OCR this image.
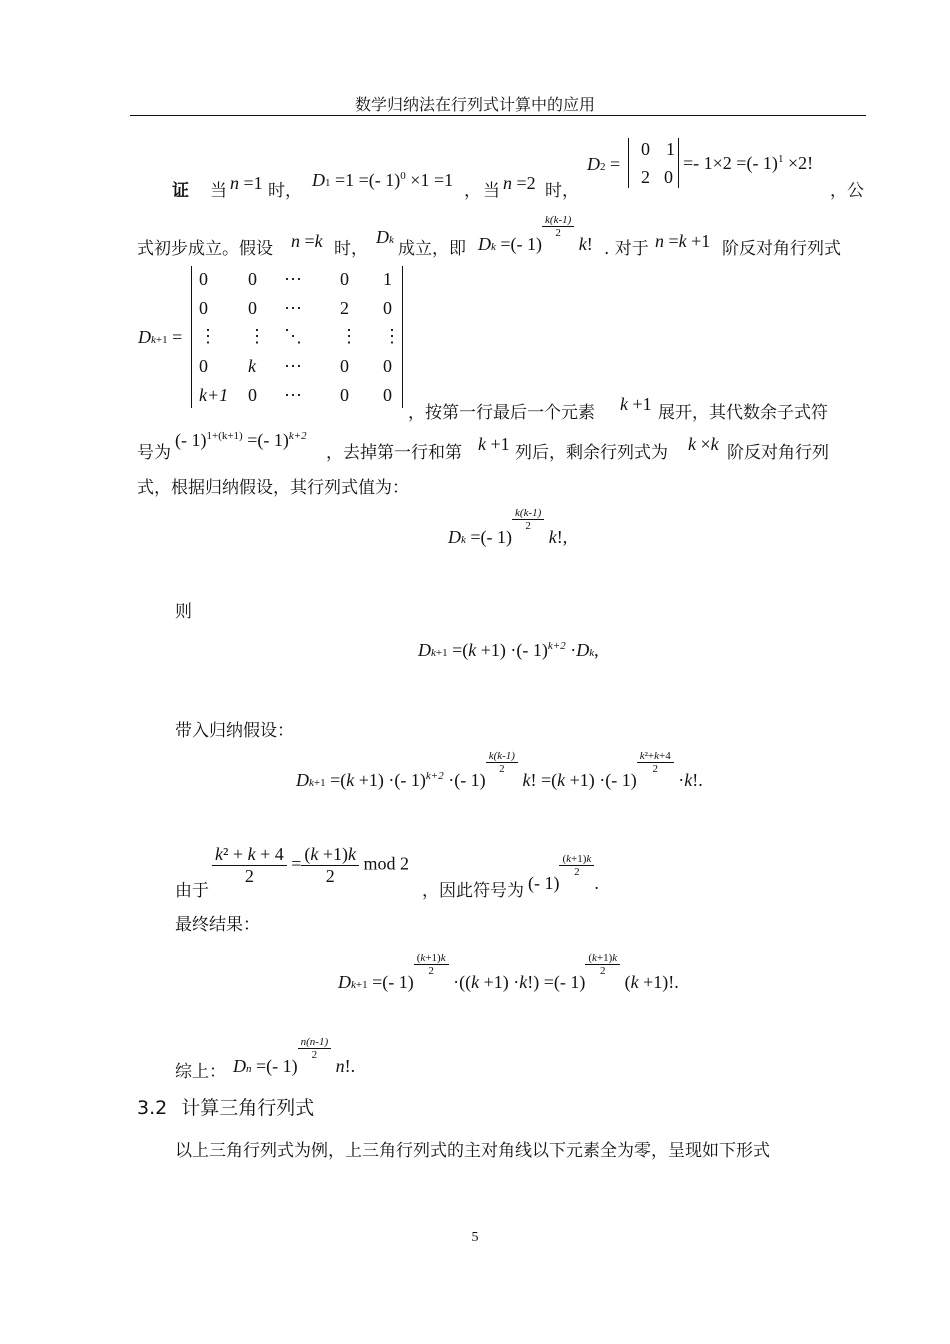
数学归纳法在行列式计算中的应用
证 当 n =1 时，
D1 =1 =(- 1)$^0$ ×1 =1
， 当 n =2 时，
D2 =
0 1
2 0
=- 1×2 =(- 1)$^1$ ×2!
，公
式初步成立。假设 n =k 时，
Dk 成立，即 Dk =(- 1)
$\frac{k(k-1)}{2}$
k! . 对于 n =k +1 阶反对角行列式
Dk+1 =
0 0 ⋯ 0 1
0 0 ⋯ 2 0
⋮ ⋮ ⋱ ⋮ ⋮
0 k ⋯ 0 0
k+1 0 ⋯ 0 0
，按第一行最后一个元素 k +1 展开，其代数余子式符
号为
(- 1)$^{1+(k+1)}$ =(- 1)$^{k+2}$
，去掉第一行和第 k +1 列后，剩余行列式为 k ×k 阶反对角行列
式，根据归纳假设，其行列式值为：
Dk =(- 1)
$\frac{k(k-1)}{2}$
k!,
则
Dk+1 =(k +1) ·(- 1)$^{k+2}$ ·Dk,
带入归纳假设：
Dk+1 =(k +1) ·(- 1)$^{k+2}$ ·(- 1)
$\frac{k(k-1)}{2}$
k! =(k +1) ·(- 1)
$\frac{\text{k²+k+4}}{2}$
·k!.
由于
$\frac{\text{k² + k + 4}}{2} = \frac{(k +1)k}{2}$ mod 2
，因此符号为 (- 1)
$\frac{(k+1)k}{2}$
.
最终结果：
Dk+1 =(- 1)
$\frac{(k+1)k}{2}$
·((k +1) ·k!) =(- 1)
$\frac{(k+1)k}{2}$
(k +1)!.
综上： Dn =(- 1)
$\frac{n(n-1)}{2}$
n!.
3.2 计算三角行列式
以上三角行列式为例，上三角行列式的主对角线以下元素全为零，呈现如下形式
5
